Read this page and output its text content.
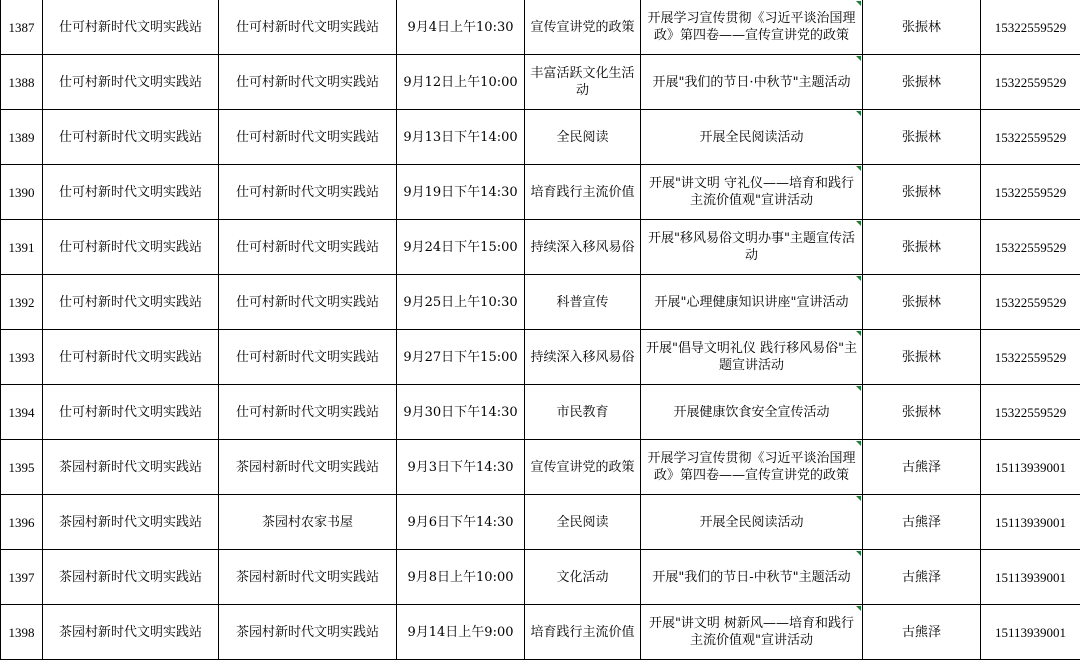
1387	仕可村新时代文明实践站	仕可村新时代文明实践站	9月4日上午10:30	宣传宣讲党的政策	开展学习宣传贯彻《习近平谈治国理政》第四卷——宣传宣讲党的政策	张振林	15322559529
1388	仕可村新时代文明实践站	仕可村新时代文明实践站	9月12日上午10:00	丰富活跃文化生活动	开展"我们的节日·中秋节"主题活动	张振林	15322559529
1389	仕可村新时代文明实践站	仕可村新时代文明实践站	9月13日下午14:00	全民阅读	开展全民阅读活动	张振林	15322559529
1390	仕可村新时代文明实践站	仕可村新时代文明实践站	9月19日下午14:30	培育践行主流价值	开展"讲文明 守礼仪——培育和践行主流价值观"宣讲活动	张振林	15322559529
1391	仕可村新时代文明实践站	仕可村新时代文明实践站	9月24日下午15:00	持续深入移风易俗	开展"移风易俗文明办事"主题宣传活动	张振林	15322559529
1392	仕可村新时代文明实践站	仕可村新时代文明实践站	9月25日上午10:30	科普宣传	开展"心理健康知识讲座"宣讲活动	张振林	15322559529
1393	仕可村新时代文明实践站	仕可村新时代文明实践站	9月27日下午15:00	持续深入移风易俗	开展"倡导文明礼仪 践行移风易俗"主题宣讲活动	张振林	15322559529
1394	仕可村新时代文明实践站	仕可村新时代文明实践站	9月30日下午14:30	市民教育	开展健康饮食安全宣传活动	张振林	15322559529
1395	茶园村新时代文明实践站	茶园村新时代文明实践站	9月3日下午14:30	宣传宣讲党的政策	开展学习宣传贯彻《习近平谈治国理政》第四卷——宣传宣讲党的政策	古熊泽	15113939001
1396	茶园村新时代文明实践站	茶园村农家书屋	9月6日下午14:30	全民阅读	开展全民阅读活动	古熊泽	15113939001
1397	茶园村新时代文明实践站	茶园村新时代文明实践站	9月8日上午10:00	文化活动	开展"我们的节日-中秋节"主题活动	古熊泽	15113939001
1398	茶园村新时代文明实践站	茶园村新时代文明实践站	9月14日上午9:00	培育践行主流价值	开展"讲文明 树新风——培育和践行主流价值观"宣讲活动	古熊泽	15113939001
